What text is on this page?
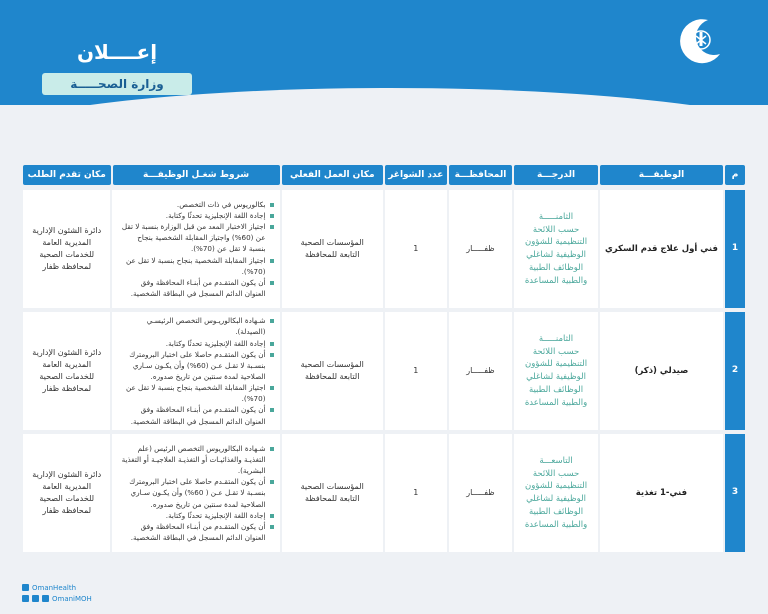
إعــــلان
وزارة الصحـــــة
م
الوظيفـــة
الدرجـــة
المحافظـــة
عدد الشواغر
مكان العمل الفعلي
شروط شغـل الوظيفـــة
مكان تقدم الطلب
1
فني أول علاج قدم السكري
الثامنـــــة
حسب اللائحة
التنظيمية للشؤون
الوظيفية لشاغلي
الوظائف الطبية
والطبية المساعدة
ظفـــــار
1
المؤسسات الصحية
التابعة للمحافظة
بكالوريوس في ذات التخصص.
إجادة اللغة الإنجليزية تحدثًا وكتابة.
اجتياز الاختبار المعد من قبل الوزارة بنسبة لا تقل عن (60%) واجتياز المقابلة الشخصية بنجاح بنسبة لا تقل عن (70%).
اجتياز المقابلة الشخصية بنجاح بنسبة لا تقل عن (70%).
أن يكون المتقـدم من أبنـاء المحافظة وفق العنوان الدائم المسجل في البطاقة الشخصية.
دائرة الشئون الإدارية
المديرية العامة
للخدمات الصحية
لمحافظة ظفار
2
صيدلي (ذكر)
الثامنـــــة
حسب اللائحة
التنظيمية للشؤون
الوظيفية لشاغلي
الوظائف الطبية
والطبية المساعدة
ظفـــــار
1
المؤسسات الصحية
التابعة للمحافظة
شـهادة البكالوريـوس التخصص الرئيسـي (الصيدلة).
إجادة اللغة الإنجليزية تحدثًا وكتابة.
أن يكون المتقـدم حاصلا على اختبار البرومترك بنسـبة لا تقـل عـن (60%) وأن يكـون سـاري الصلاحية لمدة سنتين من تاريخ صدوره.
اجتياز المقابلة الشخصية بنجاح بنسبة لا تقل عن (70%).
أن يكون المتقـدم من أبنـاء المحافظة وفق العنوان الدائم المسجل في البطاقة الشخصية.
دائرة الشئون الإدارية
المديرية العامة
للخدمات الصحية
لمحافظة ظفار
3
فني-1 تغذية
التاسعـــة
حسب اللائحة
التنظيمية للشؤون
الوظيفية لشاغلي
الوظائف الطبية
والطبية المساعدة
ظفـــــار
1
المؤسسات الصحية
التابعة للمحافظة
شـهادة البكالوريوس التخصص الرئيس (علم التغذيـة والغذائيـات أو التغذيـة العلاجيـة أو التغذية البشرية).
أن يكون المتقـدم حاصلا على اختبار البرومترك بنسـبة لا تقـل عـن ( 60%) وأن يكـون سـاري الصلاحية لمدة سنتين من تاريخ صدوره.
إجادة اللغة الإنجليزية تحدثًا وكتابة.
أن يكون المتقـدم من أبنـاء المحافظة وفق العنوان الدائم المسجل في البطاقة الشخصية.
دائرة الشئون الإدارية
المديرية العامة
للخدمات الصحية
لمحافظة ظفار
OmanHealth
OmaniMOH
